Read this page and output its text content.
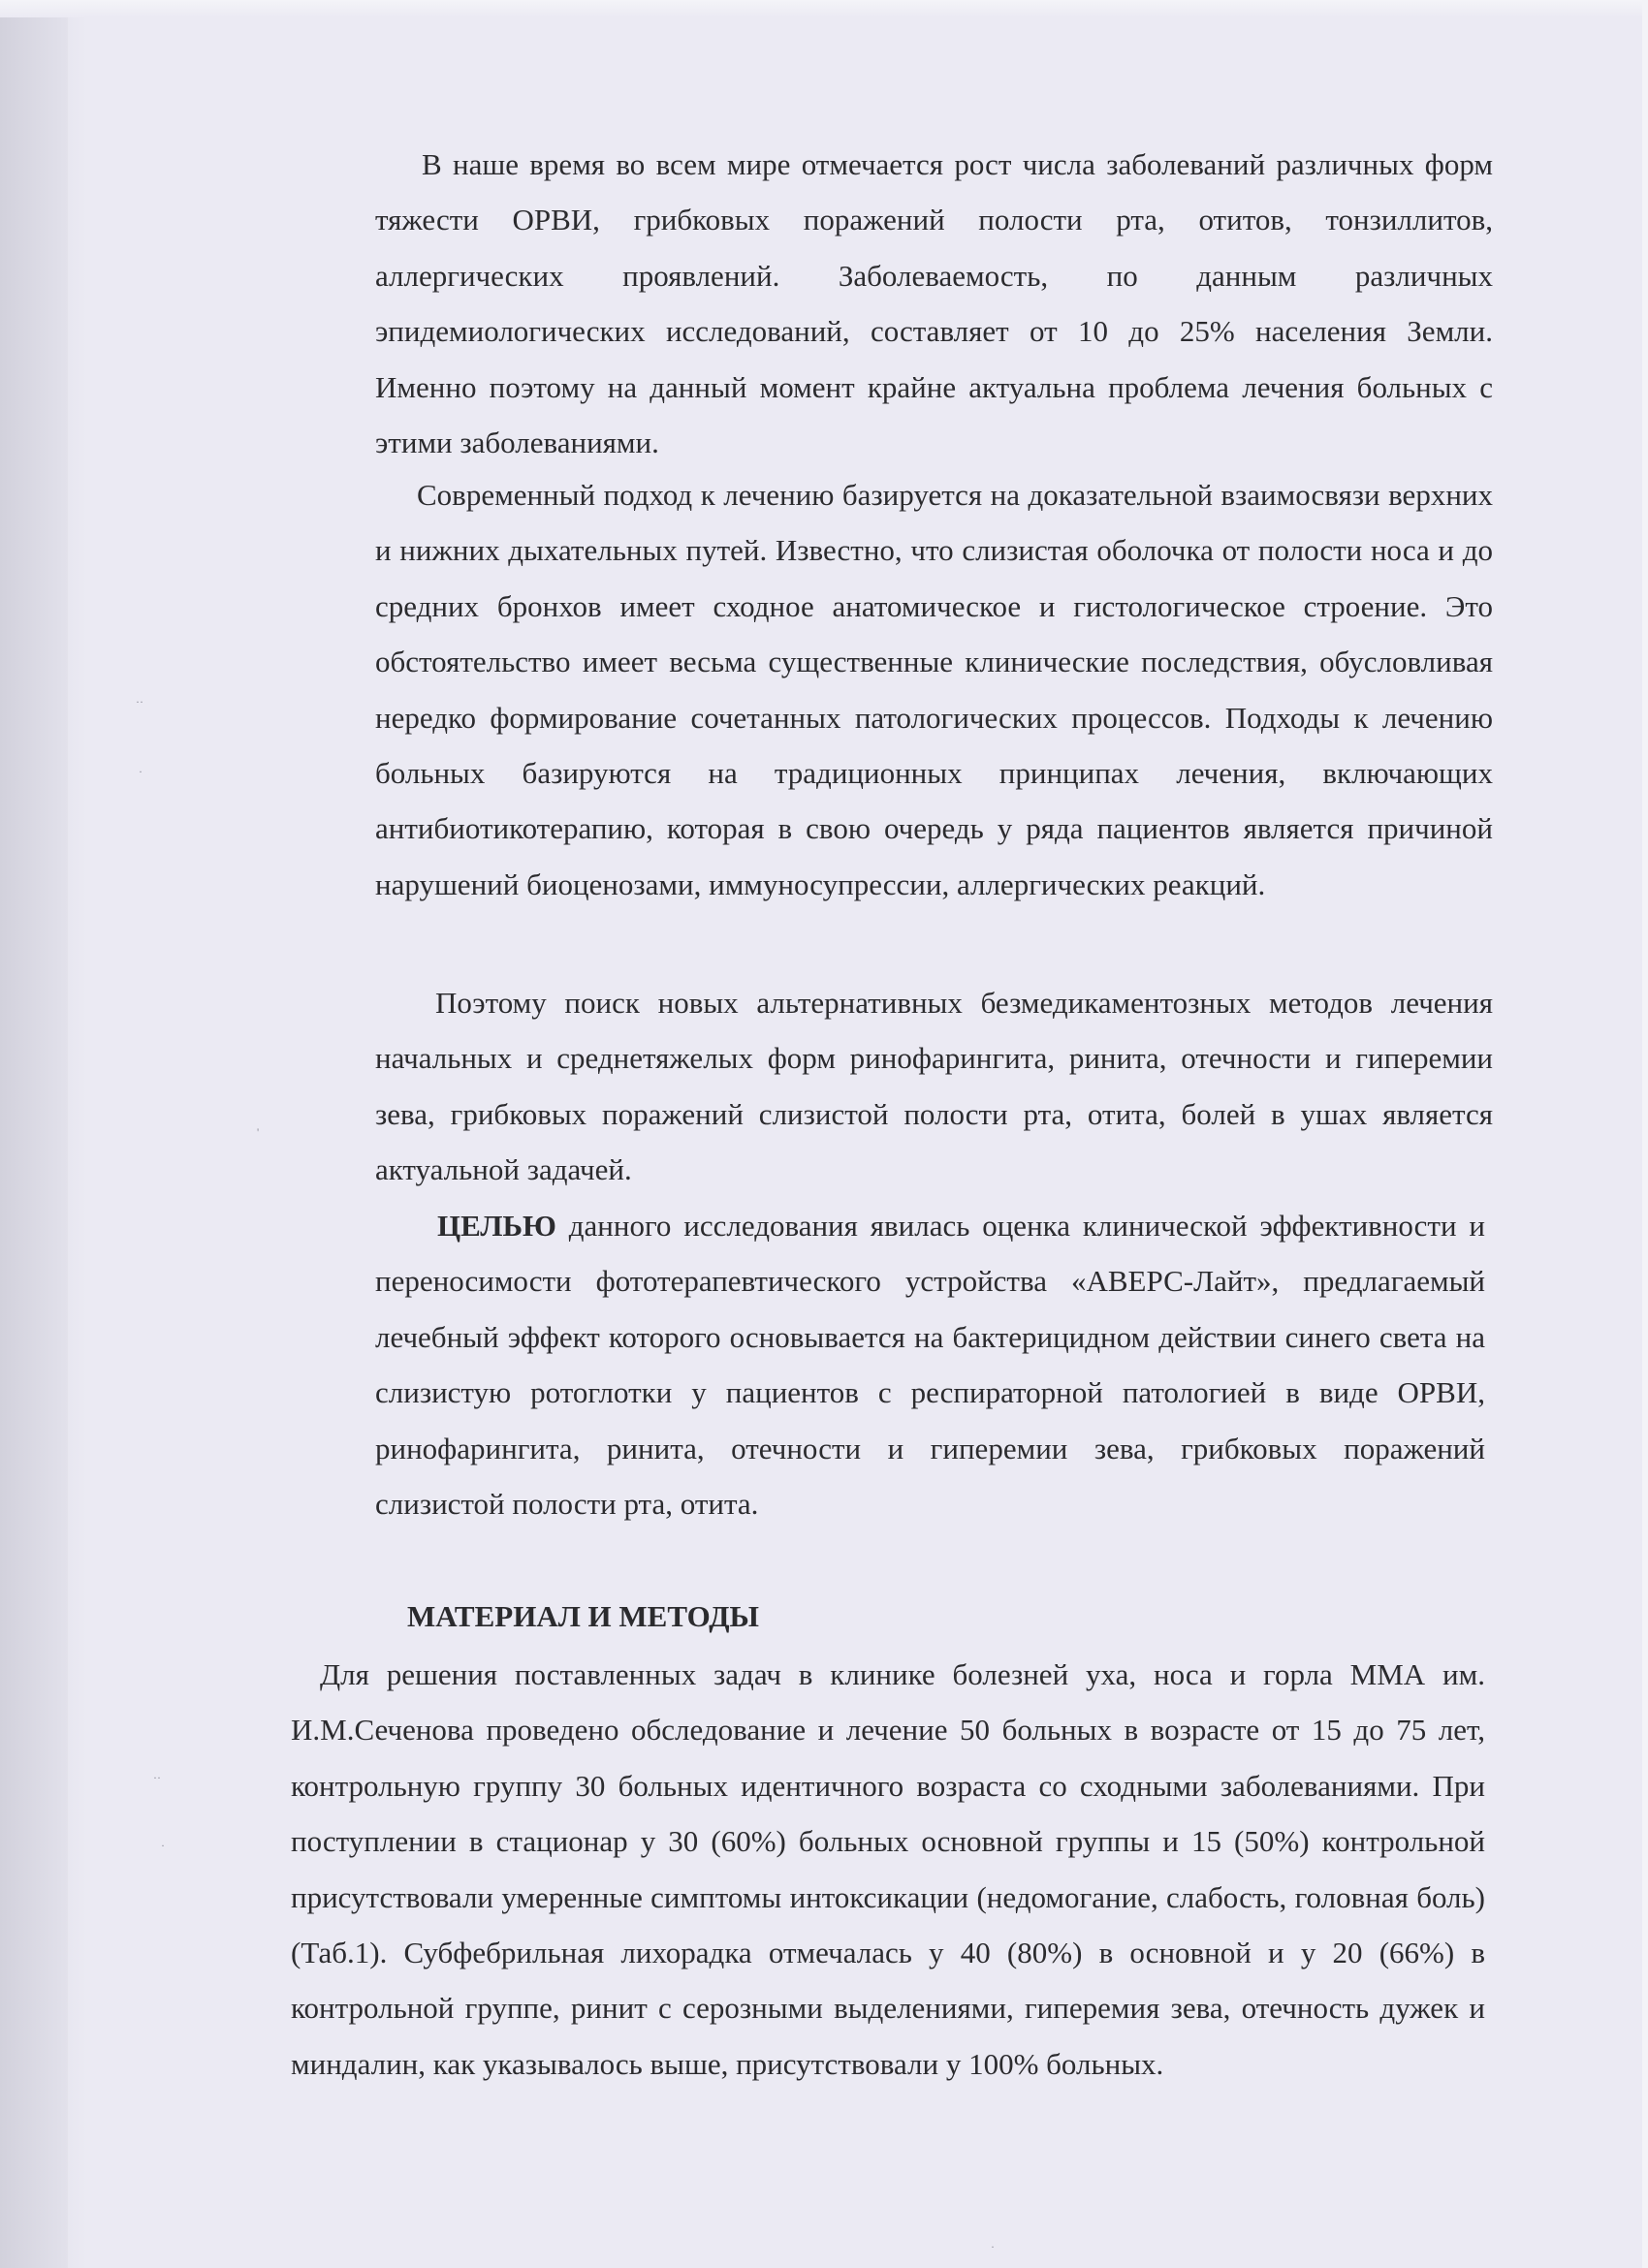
В наше время во всем мире отмечается рост числа заболеваний различных форм тяжести ОРВИ, грибковых поражений полости рта, отитов, тонзиллитов, аллергических проявлений. Заболеваемость, по данным различных эпидемиологических исследований, составляет от 10 до 25% населения Земли. Именно поэтому на данный момент крайне актуальна проблема лечения больных с этими заболеваниями.

Современный подход к лечению базируется на доказательной взаимосвязи верхних и нижних дыхательных путей. Известно, что слизистая оболочка от полости носа и до средних бронхов имеет сходное анатомическое и гистологическое строение. Это обстоятельство имеет весьма существенные клинические последствия, обусловливая нередко формирование сочетанных патологических процессов. Подходы к лечению больных базируются на традиционных принципах лечения, включающих антибиотикотерапию, которая в свою очередь у ряда пациентов является причиной нарушений биоценозами, иммуносупрессии, аллергических реакций.

Поэтому поиск новых альтернативных безмедикаментозных методов лечения начальных и среднетяжелых форм ринофарингита, ринита, отечности и гиперемии зева, грибковых поражений слизистой полости рта, отита, болей в ушах является актуальной задачей.

ЦЕЛЬЮ данного исследования явилась оценка клинической эффективности и переносимости фототерапевтического устройства «АВЕРС-Лайт», предлагаемый лечебный эффект которого основывается на бактерицидном действии синего света на слизистую ротоглотки у пациентов с респираторной патологией в виде ОРВИ, ринофарингита, ринита, отечности и гиперемии зева, грибковых поражений слизистой полости рта, отита.

МАТЕРИАЛ И МЕТОДЫ

Для решения поставленных задач в клинике болезней уха, носа и горла ММА им. И.М.Сеченова проведено обследование и лечение 50 больных в возрасте от 15 до 75 лет, контрольную группу 30 больных идентичного возраста со сходными заболеваниями. При поступлении в стационар у 30 (60%) больных основной группы и 15 (50%) контрольной присутствовали умеренные симптомы интоксикации (недомогание, слабость, головная боль) (Таб.1). Субфебрильная лихорадка отмечалась у 40 (80%) в основной и у 20 (66%) в контрольной группе, ринит с серозными выделениями, гиперемия зева, отечность дужек и миндалин, как указывалось выше, присутствовали у 100% больных.

··
·
'
··
·
·
